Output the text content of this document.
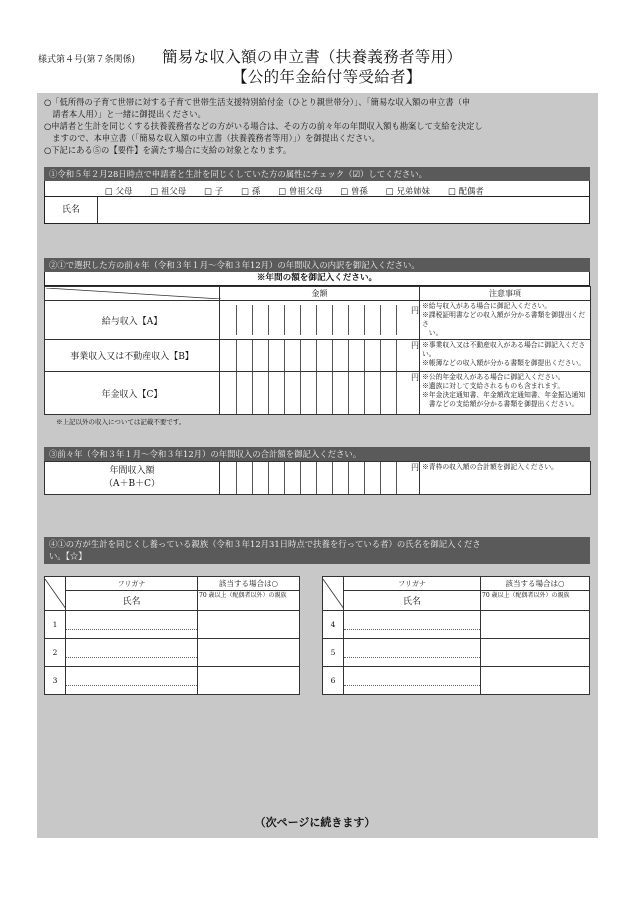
様式第４号(第７条関係) 簡易な収入額の申立書（扶養義務者等用）
【公的年金給付等受給者】
○「低所得の子育て世帯に対する子育て世帯生活支援特別給付金（ひとり親世帯分）」、「簡易な収入額の申立書（申
　請者本人用）」と一緒に御提出ください。
○申請者と生計を同じくする扶養義務者などの方がいる場合は、その方の前々年の年間収入額も勘案して支給を決定し
　ますので、本申立書（「簡易な収入額の申立書（扶養義務者等用）」）を御提出ください。
○下記にある⑤の【要件】を満たす場合に支給の対象となります。
①令和５年２月28日時点で申請者と生計を同じくしていた方の属性にチェック（☑）してください。
□ 父母 □ 祖父母 □ 子 □ 孫 □ 曽祖父母 □ 曽孫 □ 兄弟姉妹 □ 配偶者
氏名
②①で選択した方の前々年（令和３年１月～令和３年12月）の年間収入の内訳を御記入ください。
※年間の額を御記入ください。
	金額	注意事項
給与収入【A】	円	※給与収入がある場合に御記入ください。
※課税証明書などの収入額が分かる書類を御提出くださ
　い。

事業収入又は不動産収入【B】	円	※事業収入又は不動産収入がある場合に御記入ください。
※帳簿などの収入額が分かる書類を御提出ください。

年金収入【C】	円	※公的年金収入がある場合に御記入ください。
※遺族に対して支給されるものも含まれます。
※年金決定通知書、年金額改定通知書、年金振込通知
　書などの支給額が分かる書類を御提出ください。
※上記以外の収入については記載不要です。
③前々年（令和３年１月～令和３年12月）の年間収入の合計額を御記入ください。
年間収入額
（A＋B＋C）

円	※青枠の収入額の合計額を御記入ください。
④①の方が生計を同じくし養っている親族（令和３年12月31日時点で扶養を行っている者）の氏名を御記入くださ
い。【☆】
	フリガナ	該当する場合は○
	氏名	70 歳以上（配偶者以外）の親族
1	

2	

3	

	フリガナ	該当する場合は○
	氏名	70 歳以上（配偶者以外）の親族
4	

5	

6	

（次ページに続きます）
